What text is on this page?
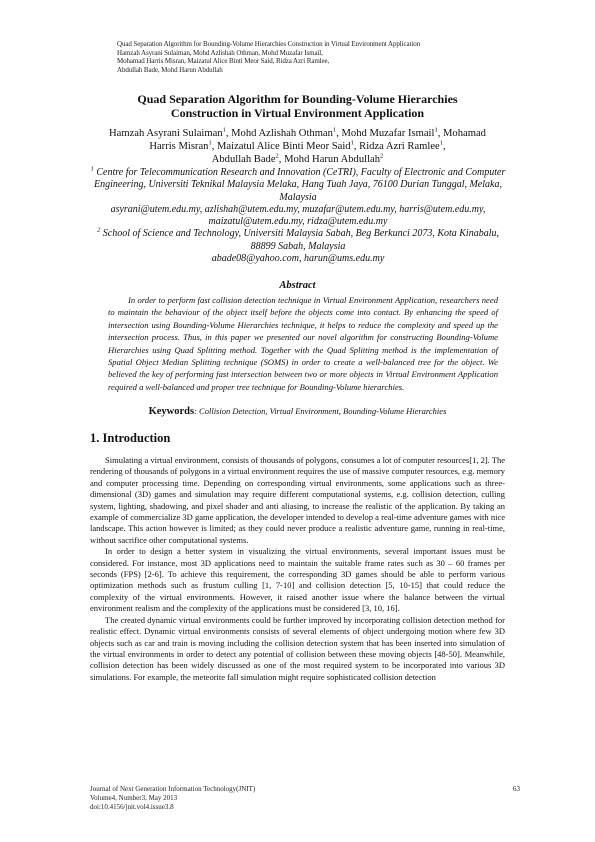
Quad Separation Algorithm for Bounding-Volume Hierarchies Construction in Virtual Environment Application
Hamzah Asyrani Sulaiman, Mohd Azlishah Othman, Mohd Muzafar Ismail,
Mohamad Harris Misran, Maizatul Alice Binti Meor Said, Ridza Azri Ramlee,
Abdullah Bade, Mohd Harun Abdullah
Quad Separation Algorithm for Bounding-Volume Hierarchies
Construction in Virtual Environment Application
Hamzah Asyrani Sulaiman$^1$, Mohd Azlishah Othman$^1$, Mohd Muzafar Ismail$^1$, Mohamad
Harris Misran$^1$, Maizatul Alice Binti Meor Said$^1$, Ridza Azri Ramlee$^1$,
Abdullah Bade$^2$, Mohd Harun Abdullah$^2$
$^1$ Centre for Telecommunication Research and Innovation (CeTRI), Faculty of Electronic and Computer Engineering, Universiti Teknikal Malaysia Melaka, Hang Tuah Jaya, 76100 Durian Tunggal, Melaka, Malaysia
asyrani@utem.edu.my, azlishah@utem.edu.my, muzafar@utem.edu.my, harris@utem.edu.my, maizatul@utem.edu.my, ridza@utem.edu.my
$^2$ School of Science and Technology, Universiti Malaysia Sabah, Beg Berkunci 2073, Kota Kinabalu, 88899 Sabah, Malaysia
abade08@yahoo.com, harun@ums.edu.my
Abstract
In order to perform fast collision detection technique in Virtual Environment Application, researchers need to maintain the behaviour of the object itself before the objects come into contact. By enhancing the speed of intersection using Bounding-Volume Hierarchies technique, it helps to reduce the complexity and speed up the intersection process. Thus, in this paper we presented our novel algorithm for constructing Bounding-Volume Hierarchies using Quad Splitting method. Together with the Quad Splitting method is the implementation of Spatial Object Median Splitting technique (SOMS) in order to create a well-balanced tree for the object. We believed the key of performing fast intersection between two or more objects in Virtual Environment Application required a well-balanced and proper tree technique for Bounding-Volume hierarchies.
Keywords: Collision Detection, Virtual Environment, Bounding-Volume Hierarchies
1. Introduction

Simulating a virtual environment, consists of thousands of polygons, consumes a lot of computer resources[1, 2]. The rendering of thousands of polygons in a virtual environment requires the use of massive computer resources, e.g. memory and computer processing time. Depending on corresponding virtual environments, some applications such as three-dimensional (3D) games and simulation may require different computational systems, e.g. collision detection, culling system, lighting, shadowing, and pixel shader and anti aliasing, to increase the realistic of the application. By taking an example of commercialize 3D game application, the developer intended to develop a real-time adventure games with nice landscape. This action however is limited; as they could never produce a realistic adventure game, running in real-time, without sacrifice other computational systems.

In order to design a better system in visualizing the virtual environments, several important issues must be considered. For instance, most 3D applications need to maintain the suitable frame rates such as 30 – 60 frames per seconds (FPS) [2-6]. To achieve this requirement, the corresponding 3D games should be able to perform various optimization methods such as frustum culling [1, 7-10] and collision detection [5, 10-15] that could reduce the complexity of the virtual environments. However, it raised another issue where the balance between the virtual environment realism and the complexity of the applications must be considered [3, 10, 16].

The created dynamic virtual environments could be further improved by incorporating collision detection method for realistic effect. Dynamic virtual environments consists of several elements of object undergoing motion where few 3D objects such as car and train is moving including the collision detection system that has been inserted into simulation of the virtual environments in order to detect any potential of collision between these moving objects [48-50]. Meanwhile, collision detection has been widely discussed as one of the most required system to be incorporated into various 3D simulations. For example, the meteorite fall simulation might require sophisticated collision detection

Journal of Next Generation Information Technology(JNIT)
Volume4, Number3, May 2013
doi:10.4156/jnit.vol4.issue3.8
63
